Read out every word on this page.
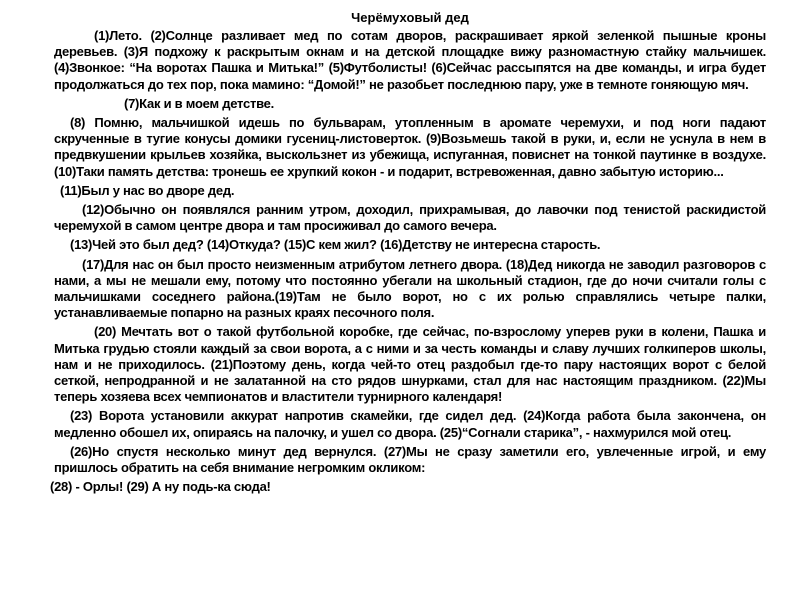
Черёмуховый дед

(1)Лето. (2)Солнце разливает мед по сотам дворов, раскрашивает яркой зеленкой пышные кроны деревьев. (3)Я подхожу к раскрытым окнам и на детской площадке вижу разномастную стайку мальчишек. (4)Звонкое: “На воротах Пашка и Митька!” (5)Футболисты! (6)Сейчас рассыпятся на две команды, и игра будет продолжаться до тех пор, пока мамино: “Домой!” не разобьет последнюю пару, уже в темноте гоняющую мяч.

(7)Как и в моем детстве.

(8) Помню, мальчишкой идешь по бульварам, утопленным в аромате черемухи, и под ноги падают скрученные в тугие конусы домики гусениц-листоверток. (9)Возьмешь такой в руки, и, если не уснула в нем в предвкушении крыльев хозяйка, выскользнет из убежища, испуганная, повиснет на тонкой паутинке в воздухе. (10)Таки память детства: тронешь ее хрупкий кокон - и подарит, встревоженная, давно забытую историю...

(11)Был у нас во дворе дед.

(12)Обычно он появлялся ранним утром, доходил, прихрамывая, до лавочки под тенистой раскидистой черемухой в самом центре двора и там просиживал до самого вечера.

(13)Чей это был дед? (14)Откуда? (15)С кем жил? (16)Детству не интересна старость.

(17)Для нас он был просто неизменным атрибутом летнего двора. (18)Дед никогда не заводил разговоров с нами, а мы не мешали ему, потому что постоянно убегали на школьный стадион, где до ночи считали голы с мальчишками соседнего района.(19)Там не было ворот, но с их ролью справлялись четыре палки, устанавливаемые попарно на разных краях песочного поля.

(20) Мечтать вот о такой футбольной коробке, где сейчас, по-взрослому уперев руки в колени, Пашка и Митька грудью стояли каждый за свои ворота, а с ними и за честь команды и славу лучших голкиперов школы, нам и не приходилось. (21)Поэтому день, когда чей-то отец раздобыл где-то пару настоящих ворот с белой сеткой, непродранной и не залатанной на сто рядов шнурками, стал для нас настоящим праздником. (22)Мы теперь хозяева всех чемпионатов и властители турнирного календаря!

(23) Ворота установили аккурат напротив скамейки, где сидел дед. (24)Когда работа была закончена, он медленно обошел их, опираясь на палочку, и ушел со двора. (25)“Согнали старика”, - нахмурился мой отец.

(26)Но спустя несколько минут дед вернулся. (27)Мы не сразу заметили его, увлеченные игрой, и ему пришлось обратить на себя внимание негромким окликом:

(28) - Орлы! (29) А ну подь-ка сюда!
